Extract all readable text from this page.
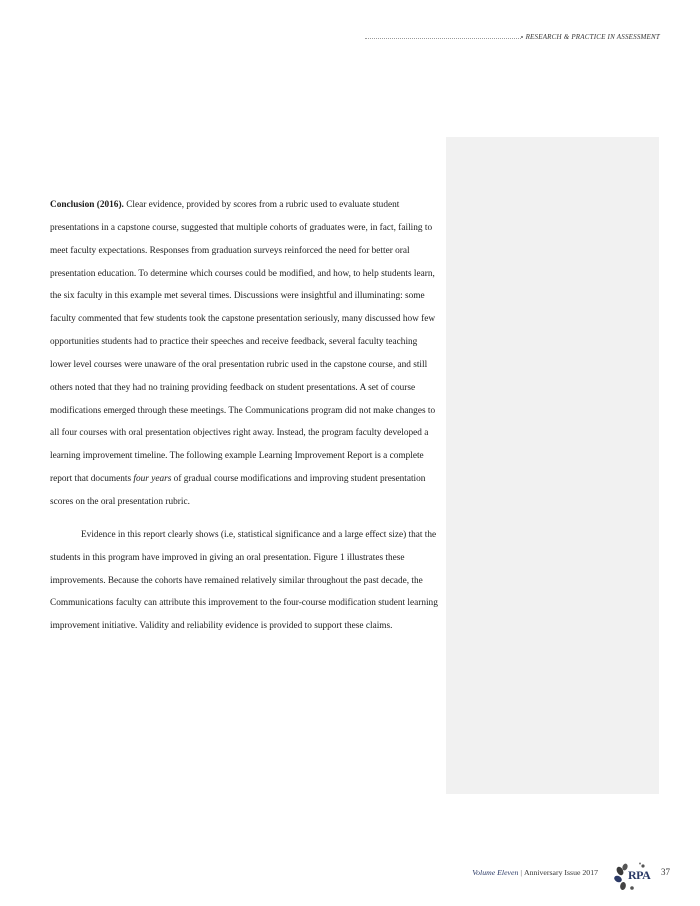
RESEARCH & PRACTICE IN ASSESSMENT

Conclusion (2016). Clear evidence, provided by scores from a rubric used to evaluate student presentations in a capstone course, suggested that multiple cohorts of graduates were, in fact, failing to meet faculty expectations. Responses from graduation surveys reinforced the need for better oral presentation education. To determine which courses could be modified, and how, to help students learn, the six faculty in this example met several times. Discussions were insightful and illuminating: some faculty commented that few students took the capstone presentation seriously, many discussed how few opportunities students had to practice their speeches and receive feedback, several faculty teaching lower level courses were unaware of the oral presentation rubric used in the capstone course, and still others noted that they had no training providing feedback on student presentations. A set of course modifications emerged through these meetings. The Communications program did not make changes to all four courses with oral presentation objectives right away. Instead, the program faculty developed a learning improvement timeline. The following example Learning Improvement Report is a complete report that documents four years of gradual course modifications and improving student presentation scores on the oral presentation rubric.

Evidence in this report clearly shows (i.e, statistical significance and a large effect size) that the students in this program have improved in giving an oral presentation. Figure 1 illustrates these improvements. Because the cohorts have remained relatively similar throughout the past decade, the Communications faculty can attribute this improvement to the four-course modification student learning improvement initiative. Validity and reliability evidence is provided to support these claims.

Volume Eleven | Anniversary Issue 2017	RPA 37
